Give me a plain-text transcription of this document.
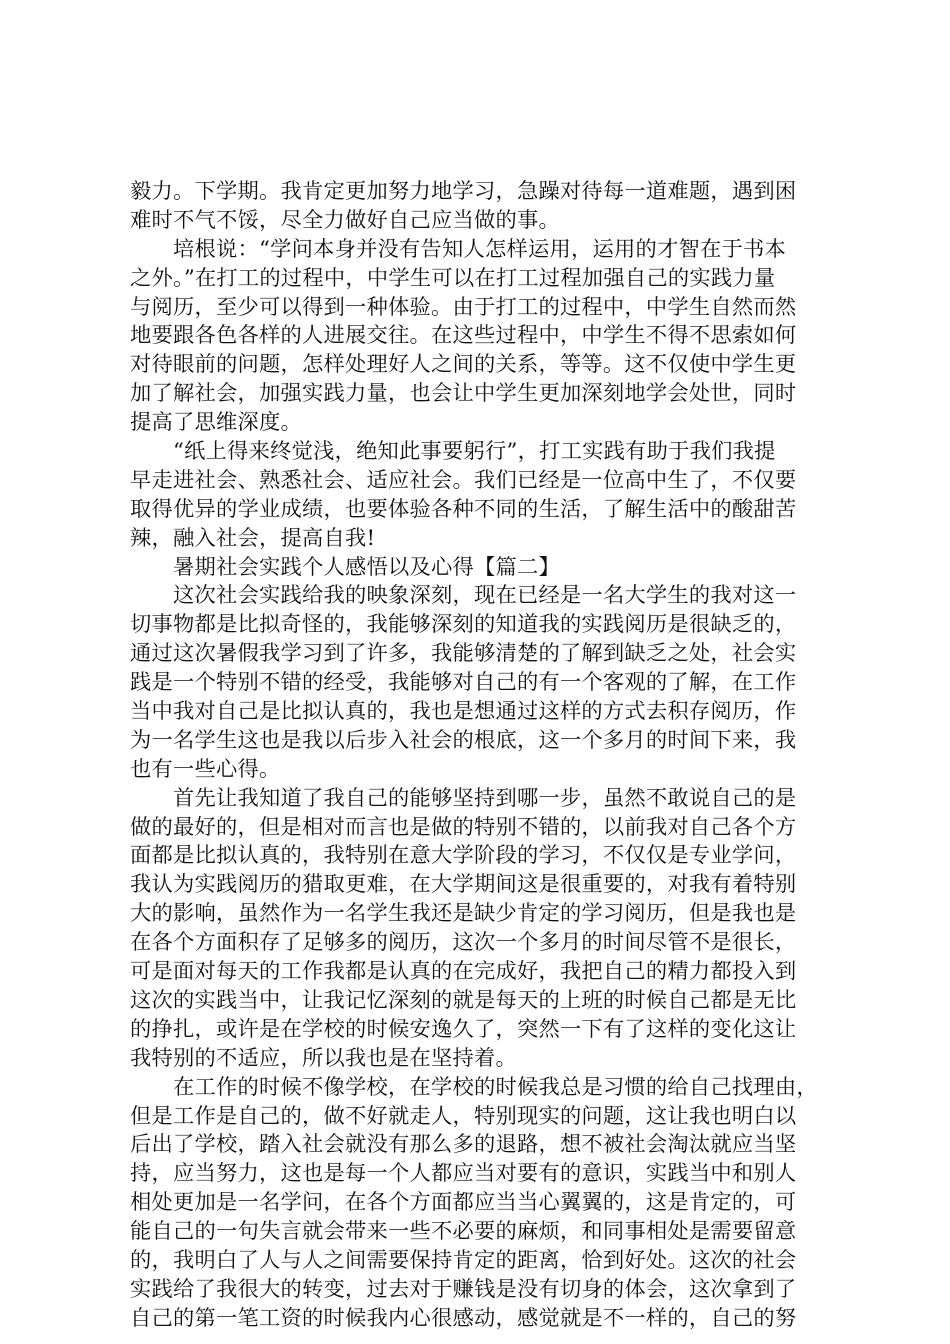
毅力。下学期。我肯定更加努力地学习，急躁对待每一道难题，遇到困
难时不气不馁，尽全力做好自己应当做的事。
培根说：“学问本身并没有告知人怎样运用，运用的才智在于书本
之外。”在打工的过程中，中学生可以在打工过程加强自己的实践力量
与阅历，至少可以得到一种体验。由于打工的过程中，中学生自然而然
地要跟各色各样的人进展交往。在这些过程中，中学生不得不思索如何
对待眼前的问题，怎样处理好人之间的关系，等等。这不仅使中学生更
加了解社会，加强实践力量，也会让中学生更加深刻地学会处世，同时
提高了思维深度。
“纸上得来终觉浅，绝知此事要躬行”，打工实践有助于我们我提
早走进社会、熟悉社会、适应社会。我们已经是一位高中生了，不仅要
取得优异的学业成绩，也要体验各种不同的生活，了解生活中的酸甜苦
辣，融入社会，提高自我!
暑期社会实践个人感悟以及心得【篇二】
这次社会实践给我的映象深刻，现在已经是一名大学生的我对这一
切事物都是比拟奇怪的，我能够深刻的知道我的实践阅历是很缺乏的，
通过这次暑假我学习到了许多，我能够清楚的了解到缺乏之处，社会实
践是一个特别不错的经受，我能够对自己的有一个客观的了解，在工作
当中我对自己是比拟认真的，我也是想通过这样的方式去积存阅历，作
为一名学生这也是我以后步入社会的根底，这一个多月的时间下来，我
也有一些心得。
首先让我知道了我自己的能够坚持到哪一步，虽然不敢说自己的是
做的最好的，但是相对而言也是做的特别不错的，以前我对自己各个方
面都是比拟认真的，我特别在意大学阶段的学习，不仅仅是专业学问，
我认为实践阅历的猎取更难，在大学期间这是很重要的，对我有着特别
大的影响，虽然作为一名学生我还是缺少肯定的学习阅历，但是我也是
在各个方面积存了足够多的阅历，这次一个多月的时间尽管不是很长，
可是面对每天的工作我都是认真的在完成好，我把自己的精力都投入到
这次的实践当中，让我记忆深刻的就是每天的上班的时候自己都是无比
的挣扎，或许是在学校的时候安逸久了，突然一下有了这样的变化这让
我特别的不适应，所以我也是在坚持着。
在工作的时候不像学校，在学校的时候我总是习惯的给自己找理由，
但是工作是自己的，做不好就走人，特别现实的问题，这让我也明白以
后出了学校，踏入社会就没有那么多的退路，想不被社会淘汰就应当坚
持，应当努力，这也是每一个人都应当对要有的意识，实践当中和别人
相处更加是一名学问，在各个方面都应当当心翼翼的，这是肯定的，可
能自己的一句失言就会带来一些不必要的麻烦，和同事相处是需要留意
的，我明白了人与人之间需要保持肯定的距离，恰到好处。这次的社会
实践给了我很大的转变，过去对于赚钱是没有切身的体会，这次拿到了
自己的第一笔工资的时候我内心很感动，感觉就是不一样的，自己的努
